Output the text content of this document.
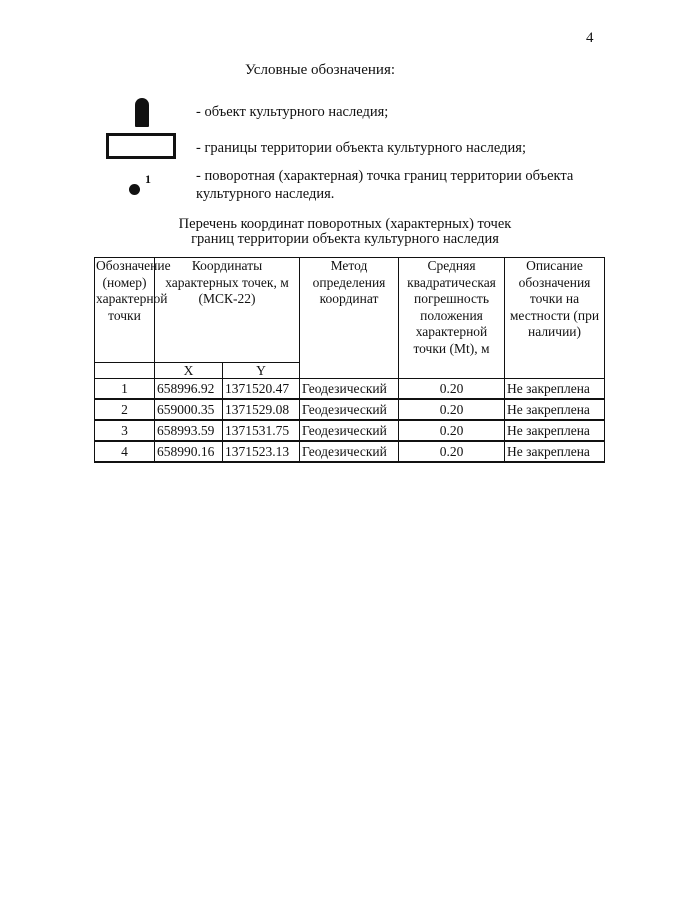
4
Условные обозначения:
- объект культурного наследия;
- границы территории объекта культурного наследия;
1	- поворотная (характерная) точка границ территории объекта культурного наследия.
Перечень координат поворотных (характерных) точек
границ территории объекта культурного наследия
Обозначение (номер) характерной точки	Координаты характерных точек, м (МСК-22)		Метод определения координат	Средняя квадратическая погрешность положения характерной точки (Mt), м	Описание обозначения точки на местности (при наличии)

	X	Y			
1	658996.92	1371520.47	Геодезический	0.20	Не закреплена
2	659000.35	1371529.08	Геодезический	0.20	Не закреплена
3	658993.59	1371531.75	Геодезический	0.20	Не закреплена
4	658990.16	1371523.13	Геодезический	0.20	Не закреплена
